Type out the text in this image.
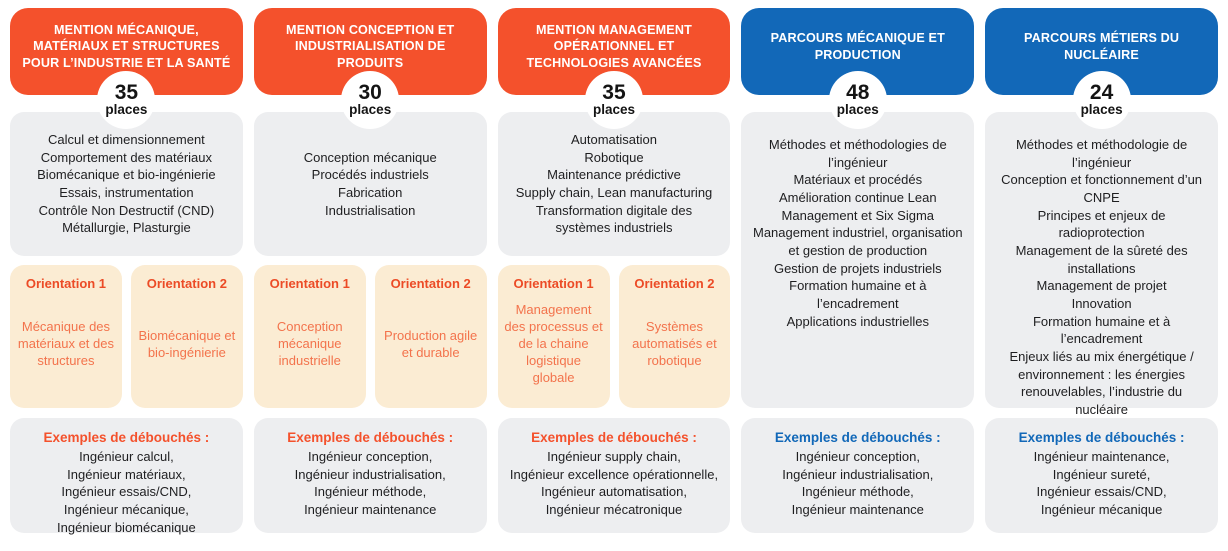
MENTION MÉCANIQUE,
MATÉRIAUX ET STRUCTURES
POUR L’INDUSTRIE ET LA SANTÉ
35
places
Calcul et dimensionnement
Comportement des matériaux
Biomécanique et bio-ingénierie
Essais, instrumentation
Contrôle Non Destructif (CND)
Métallurgie, Plasturgie
Orientation 1
Mécanique des matériaux et des structures
Orientation 2
Biomécanique et bio-ingénierie
Exemples de débouchés :
Ingénieur calcul,
Ingénieur matériaux,
Ingénieur essais/CND,
Ingénieur mécanique,
Ingénieur biomécanique
MENTION CONCEPTION ET
INDUSTRIALISATION DE
PRODUITS
30
places
Conception mécanique
Procédés industriels
Fabrication
Industrialisation
Orientation 1
Conception mécanique industrielle
Orientation 2
Production agile et durable
Exemples de débouchés :
Ingénieur conception,
Ingénieur industrialisation,
Ingénieur méthode,
Ingénieur maintenance
MENTION MANAGEMENT
OPÉRATIONNEL ET
TECHNOLOGIES AVANCÉES
35
places
Automatisation
Robotique
Maintenance prédictive
Supply chain, Lean manufacturing
Transformation digitale des systèmes industriels
Orientation 1
Management des processus et de la chaine logistique globale
Orientation 2
Systèmes automatisés et robotique
Exemples de débouchés :
Ingénieur supply chain,
Ingénieur excellence opérationnelle,
Ingénieur automatisation,
Ingénieur mécatronique
PARCOURS MÉCANIQUE ET
PRODUCTION
48
places
Méthodes et méthodologies de l’ingénieur
Matériaux et procédés
Amélioration continue Lean Management et Six Sigma
Management industriel, organisation et gestion de production
Gestion de projets industriels
Formation humaine et à l’encadrement
Applications industrielles
Exemples de débouchés :
Ingénieur conception,
Ingénieur industrialisation,
Ingénieur méthode,
Ingénieur maintenance
PARCOURS MÉTIERS DU
NUCLÉAIRE
24
places
Méthodes et méthodologie de l’ingénieur
Conception et fonctionnement d’un CNPE
Principes et enjeux de radioprotection
Management de la sûreté des installations
Management de projet
Innovation
Formation humaine et à l’encadrement
Enjeux liés au mix énergétique / environnement : les énergies renouvelables, l’industrie du nucléaire
Exemples de débouchés :
Ingénieur maintenance,
Ingénieur sureté,
Ingénieur essais/CND,
Ingénieur mécanique
